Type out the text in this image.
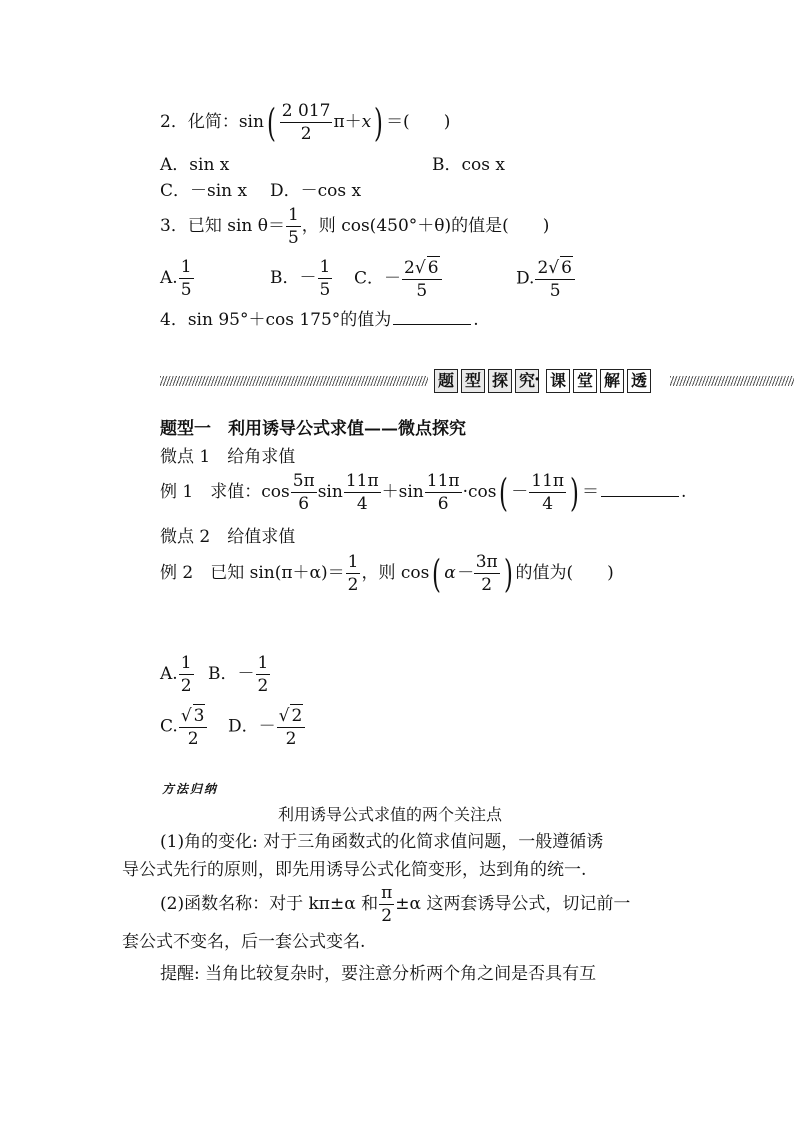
2．化简：$\sin( \frac{2 017}{2} \pi+x)$ ＝(　　)
A．sin x	B．cos x
C．－sin x D．－cos x
3．已知 $\sin \theta= \frac{1}{5}$ ，则 cos(450°＋θ)的值是(　　)
A. $\frac{1}{5}$	B．－ $\frac{1}{5}$ C．－ $\frac{2√ 6}{5}$	D. $\frac{2√ 6}{5}$
4．sin 95°＋cos 175°的值为	.
题 型 探 究 · 课 堂 解 透
题型一　利用诱导公式求值——微点探究
微点 1　给角求值
例 1　求值：$\cos \frac{5\pi}{6}$ $\sin \frac{11\pi}{4} +\sin \frac{11\pi}{6} \cdot\cos( - \frac{11\pi}{4}$ ) ＝	.
微点 2　给值求值
例 2　已知 $\sin(\pi+\alpha)= \frac{1}{2}$ ，则 cos( $\alpha- \frac{3\pi}{2}$ ) 的值为(　　)
A. $\frac{1}{2}$ B．－ $\frac{1}{2}$
C. $\frac{√ 3}{2}$ D．－ $\frac{√ 2}{2}$
方法归纳
利用诱导公式求值的两个关注点
(1)角的变化: 对于三角函数式的化简求值问题，一般遵循诱
导公式先行的原则，即先用诱导公式化简变形，达到角的统一.
(2)函数名称：对于 kπ±α 和 $\frac{\pi}{2} \pm\alpha$ 这两套诱导公式，切记前一
套公式不变名，后一套公式变名.
提醒: 当角比较复杂时，要注意分析两个角之间是否具有互
